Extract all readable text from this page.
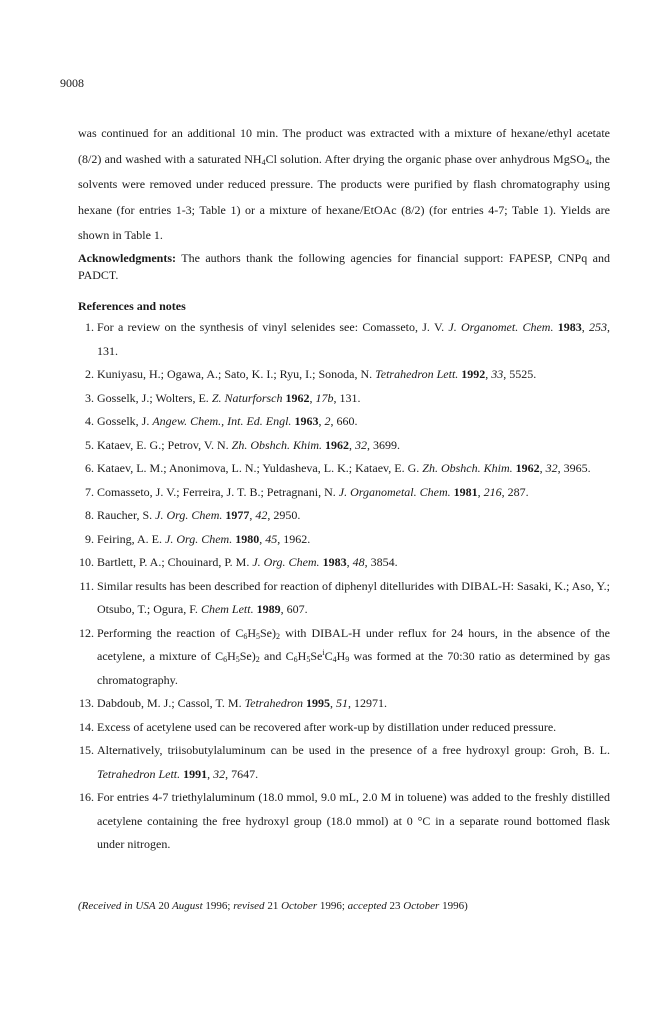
9008

was continued for an additional 10 min. The product was extracted with a mixture of hexane/ethyl acetate (8/2) and washed with a saturated $NH_4Cl$ solution. After drying the organic phase over anhydrous MgSO$_4$, the solvents were removed under reduced pressure. The products were purified by flash chromatography using hexane (for entries 1-3; Table 1) or a mixture of hexane/EtOAc (8/2) (for entries 4-7; Table 1). Yields are shown in Table 1.

Acknowledgments: The authors thank the following agencies for financial support: FAPESP, CNPq and PADCT.

References and notes
1. For a review on the synthesis of vinyl selenides see: Comasseto, J. V. J. Organomet. Chem. 1983, 253, 131.
2. Kuniyasu, H.; Ogawa, A.; Sato, K. I.; Ryu, I.; Sonoda, N. Tetrahedron Lett. 1992, 33, 5525.
3. Gosselk, J.; Wolters, E. Z. Naturforsch 1962, 17b, 131.
4. Gosselk, J. Angew. Chem., Int. Ed. Engl. 1963, 2, 660.
5. Kataev, E. G.; Petrov, V. N. Zh. Obshch. Khim. 1962, 32, 3699.
6. Kataev, L. M.; Anonimova, L. N.; Yuldasheva, L. K.; Kataev, E. G. Zh. Obshch. Khim. 1962, 32, 3965.
7. Comasseto, J. V.; Ferreira, J. T. B.; Petragnani, N. J. Organometal. Chem. 1981, 216, 287.
8. Raucher, S. J. Org. Chem. 1977, 42, 2950.
9. Feiring, A. E. J. Org. Chem. 1980, 45, 1962.
10. Bartlett, P. A.; Chouinard, P. M. J. Org. Chem. 1983, 48, 3854.
11. Similar results has been described for reaction of diphenyl ditellurides with DIBAL-H: Sasaki, K.; Aso, Y.; Otsubo, T.; Ogura, F. Chem Lett. 1989, 607.
12. Performing the reaction of $C_6H_5Se)_2$ with DIBAL-H under reflux for 24 hours, in the absence of the acetylene, a mixture of $C_6H_5Se)_2$ and $C_6H_5Se^iC_4H_9$ was formed at the 70:30 ratio as determined by gas chromatography.
13. Dabdoub, M. J.; Cassol, T. M. Tetrahedron 1995, 51, 12971.
14. Excess of acetylene used can be recovered after work-up by distillation under reduced pressure.
15. Alternatively, triisobutylaluminum can be used in the presence of a free hydroxyl group: Groh, B. L. Tetrahedron Lett. 1991, 32, 7647.
16. For entries 4-7 triethylaluminum (18.0 mmol, 9.0 mL, 2.0 M in toluene) was added to the freshly distilled acetylene containing the free hydroxyl group (18.0 mmol) at 0 °C in a separate round bottomed flask under nitrogen.
(Received in USA 20 August 1996; revised 21 October 1996; accepted 23 October 1996)
